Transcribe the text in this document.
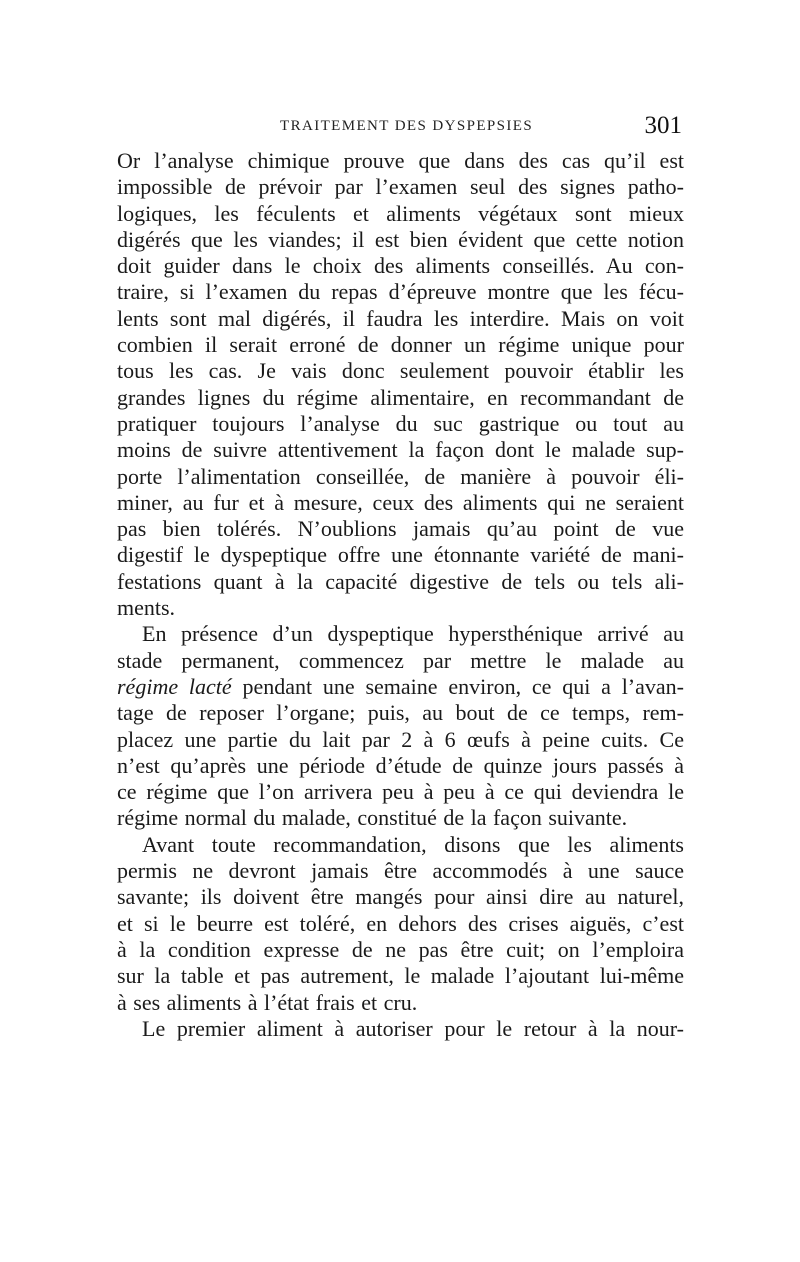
TRAITEMENT DES DYSPEPSIES	301
Or l’analyse chimique prouve que dans des cas qu’il est
impossible de prévoir par l’examen seul des signes patho-
logiques, les féculents et aliments végétaux sont mieux
digérés que les viandes; il est bien évident que cette notion
doit guider dans le choix des aliments conseillés. Au con-
traire, si l’examen du repas d’épreuve montre que les fécu-
lents sont mal digérés, il faudra les interdire. Mais on voit
combien il serait erroné de donner un régime unique pour
tous les cas. Je vais donc seulement pouvoir établir les
grandes lignes du régime alimentaire, en recommandant de
pratiquer toujours l’analyse du suc gastrique ou tout au
moins de suivre attentivement la façon dont le malade sup-
porte l’alimentation conseillée, de manière à pouvoir éli-
miner, au fur et à mesure, ceux des aliments qui ne seraient
pas bien tolérés. N’oublions jamais qu’au point de vue
digestif le dyspeptique offre une étonnante variété de mani-
festations quant à la capacité digestive de tels ou tels ali-
ments.
En présence d’un dyspeptique hypersthénique arrivé au
stade permanent, commencez par mettre le malade au
régime lacté pendant une semaine environ, ce qui a l’avan-
tage de reposer l’organe; puis, au bout de ce temps, rem-
placez une partie du lait par 2 à 6 œufs à peine cuits. Ce
n’est qu’après une période d’étude de quinze jours passés à
ce régime que l’on arrivera peu à peu à ce qui deviendra le
régime normal du malade, constitué de la façon suivante.
Avant toute recommandation, disons que les aliments
permis ne devront jamais être accommodés à une sauce
savante; ils doivent être mangés pour ainsi dire au naturel,
et si le beurre est toléré, en dehors des crises aiguës, c’est
à la condition expresse de ne pas être cuit; on l’emploira
sur la table et pas autrement, le malade l’ajoutant lui-même
à ses aliments à l’état frais et cru.
Le premier aliment à autoriser pour le retour à la nour-
